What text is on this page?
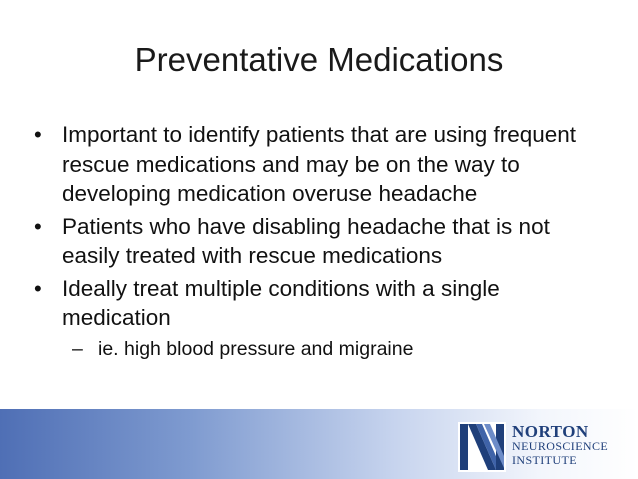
Preventative Medications
• Important to identify patients that are using frequent rescue medications and may be on the way to developing medication overuse headache
• Patients who have disabling headache that is not easily treated with rescue medications
• Ideally treat multiple conditions with a single medication
– ie. high blood pressure and migraine
NORTON
NEUROSCIENCE
INSTITUTE
